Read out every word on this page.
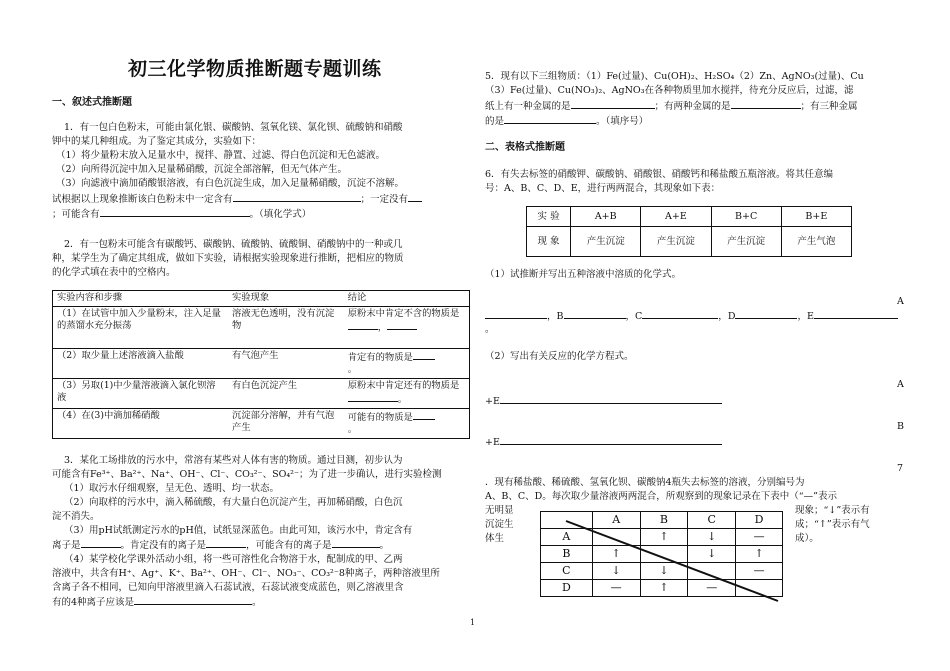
初三化学物质推断题专题训练
一、叙述式推断题
1．有一包白色粉末，可能由氯化银、碳酸钠、氢氧化镁、氯化钡、硫酸钠和硝酸
钾中的某几种组成。为了鉴定其成分，实验如下：
（1）将少量粉末放入足量水中，搅拌、静置、过滤、得白色沉淀和无色滤液。
（2）向所得沉淀中加入足量稀硝酸，沉淀全部溶解，但无气体产生。
（3）向滤液中滴加硝酸银溶液，有白色沉淀生成，加入足量稀硝酸，沉淀不溶解。
试根据以上现象推断该白色粉末中一定含有	；一定没有
；可能含有	。（填化学式）
2．有一包粉末可能含有碳酸钙、碳酸钠、硫酸钠、硫酸铜、硝酸钠中的一种或几
种，某学生为了确定其组成，做如下实验，请根据实验现象进行推断，把相应的物质
的化学式填在表中的空格内。
实验内容和步骤	实验现象	结论
（1）在试管中加入少量粉末，注入足量的蒸馏水充分振荡	溶液无色透明，没有沉淀物	原粉末中肯定不含的物质是，
（2）取少量上述溶液滴入盐酸	有气泡产生	肯定有的物质是
。
（3）另取(1)中少量溶液滴入氯化钡溶液	有白色沉淀产生	原粉末中肯定还有的物质是。
（4）在(3)中滴加稀硝酸	沉淀部分溶解，并有气泡产生	可能有的物质是
。
3．某化工场排放的污水中，常溶有某些对人体有害的物质。通过目测，初步认为
可能含有Fe³⁺、Ba²⁺、Na⁺、OH⁻、Cl⁻、CO₃²⁻、SO₄²⁻；为了进一步确认，进行实验检测
（1）取污水仔细观察，呈无色、透明、均一状态。
（2）向取样的污水中，滴入稀硫酸，有大量白色沉淀产生，再加稀硝酸，白色沉
淀不消失。
（3）用pH试纸测定污水的pH值，试纸显深蓝色。由此可知，该污水中，肯定含有
离子是	。肯定没有的离子是	，可能含有的离子是	。
（4）某学校化学课外活动小组，将一些可溶性化合物溶于水，配制成的甲、乙两
溶液中，共含有H⁺、Ag⁺、K⁺、Ba²⁺、OH⁻、Cl⁻、NO₃⁻、CO₃²⁻8种离子，两种溶液里所
含离子各不相同，已知向甲溶液里滴入石蕊试液，石蕊试液变成蓝色，则乙溶液里含
有的4种离子应该是	。
1
5．现有以下三组物质：（1）Fe(过量)、Cu(OH)₂、H₂SO₄（2）Zn、AgNO₃(过量)、Cu
（3）Fe(过量)、Cu(NO₃)₂、AgNO₃在各种物质里加水搅拌，待充分反应后，过滤，滤
纸上有一种金属的是	；有两种金属的是	；有三种金属
的是	。（填序号）
二、表格式推断题
6．有失去标签的硝酸钾、碳酸钠、硝酸银、硝酸钙和稀盐酸五瓶溶液。将其任意编
号：A、B、C、D、E，进行两两混合，其现象如下表：
实 验	A+B	A+E	B+C	B+E
现 象	产生沉淀	产生沉淀	产生沉淀	产生气泡
（1）试推断并写出五种溶液中溶质的化学式。
A
，B	，C	，D	，E
。
（2）写出有关反应的化学方程式。
A
+E
B
+E
7
．现有稀盐酸、稀硫酸、氢氧化钡、碳酸钠4瓶失去标签的溶液，分别编号为
A、B、C、D。每次取少量溶液两两混合，所观察到的现象记录在下表中（“—”表示
无明显
沉淀生
体生
现象；“↓”表示有
成；“↑”表示有气
成）。
	A	B	C	D
A		↑	↓	—
B	↑		↓	↑
C	↓	↓		—
D	—	↑	—	
